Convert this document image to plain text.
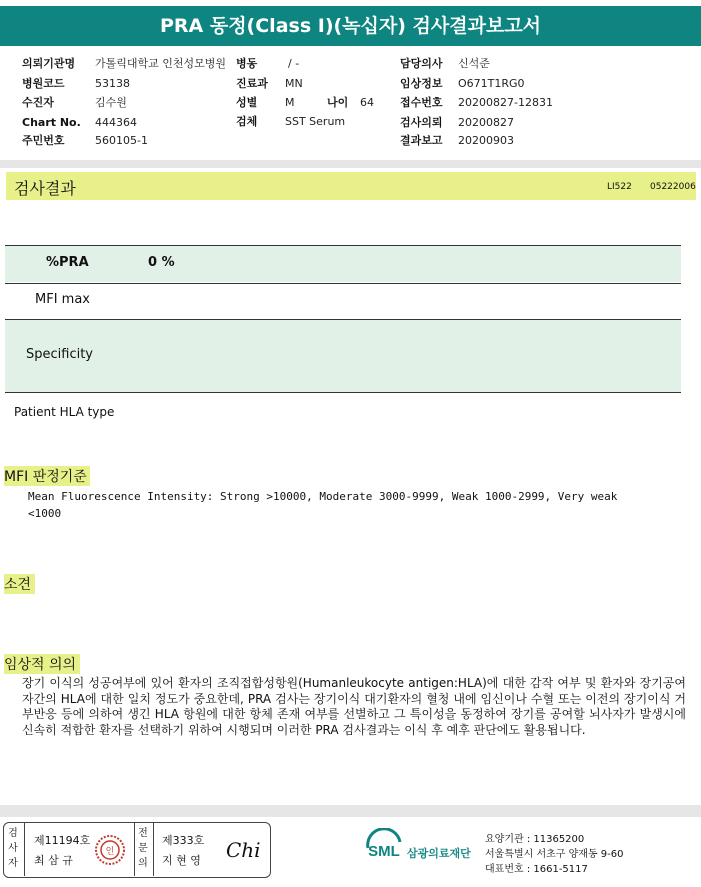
PRA 동정(Class I)(녹십자) 검사결과보고서
의뢰기관명 가톨릭대학교 인천성모병원 병동	/ -	담당의사 신석준
병원코드	53138	진료과 MN	임상정보 O671T1RG0
수진자	김수원	성별	M	나이 64 접수번호 20200827-12831
Chart No. 444364	검체	SST Serum	검사의뢰 20200827
주민번호	560105-1	결과보고 20200903
검사결과	LI522 05222006
%PRA	0 %
MFI max
Specificity
Patient HLA type
MFI 판정기준
Mean Fluorescence Intensity: Strong >10000, Moderate 3000-9999, Weak 1000-2999, Very weak
<1000
소견
임상적 의의
장기 이식의 성공여부에 있어 환자의 조직접합성항원(Humanleukocyte antigen:HLA)에 대한 감작 여부 및 환자와 장기공여자간의 HLA에 대한 일치 정도가 중요한데, PRA 검사는 장기이식 대기환자의 혈청 내에 임신이나 수혈 또는 이전의 장기이식 거부반응 등에 의하여 생긴 HLA 항원에 대한 항체 존재 여부를 선별하고 그 특이성을 동정하여 장기를 공여할 뇌사자가 발생시에 신속히 적합한 환자를 선택하기 위하여 시행되며 이러한 PRA 검사결과는 이식 후 예후 판단에도 활용됩니다.
검사자
제11194호
최 삼 규
인
전문의
제333호
지 현 영 Chi	SML 삼광의료재단
요양기관 : 11365200
서울특별시 서초구 양재동 9-60
대표번호 : 1661-5117
